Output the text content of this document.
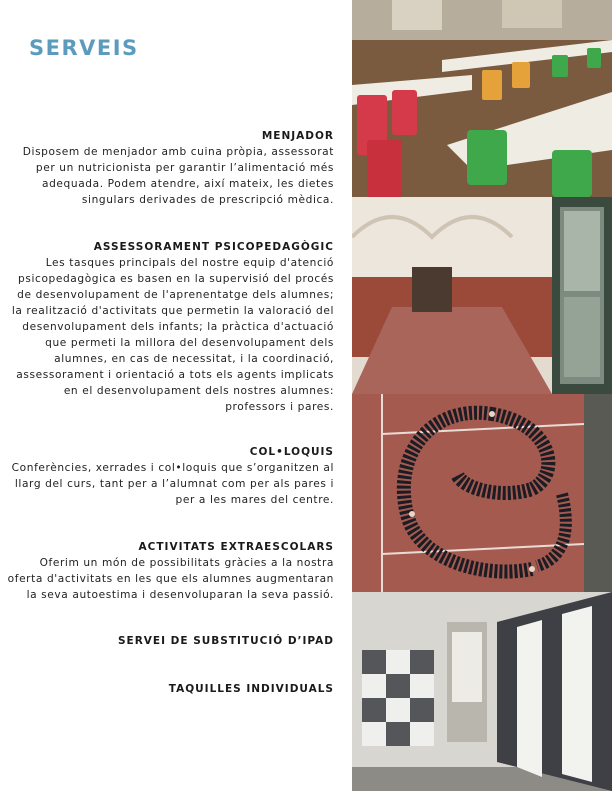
SERVEIS
MENJADOR

Disposem de menjador amb cuina pròpia, assessorat
per un nutricionista per garantir l’alimentació més
adequada. Podem atendre, així mateix, les dietes
singulars derivades de prescripció mèdica.

ASSESSORAMENT PSICOPEDAGÒGIC

Les tasques principals del nostre equip d'atenció
psicopedagògica es basen en la supervisió del procés
de desenvolupament de l'aprenentatge dels alumnes;
la realització d'activitats que permetin la valoració del
desenvolupament dels infants; la pràctica d'actuació
que permeti la millora del desenvolupament dels
alumnes, en cas de necessitat, i la coordinació,
assessorament i orientació a tots els agents implicats
en el desenvolupament dels nostres alumnes:
professors i pares.

COL•LOQUIS

Conferències, xerrades i col•loquis que s’organitzen al
llarg del curs, tant per a l’alumnat com per als pares i
per a les mares del centre.

ACTIVITATS EXTRAESCOLARS

Oferim un món de possibilitats gràcies a la nostra
oferta d'activitats en les que els alumnes augmentaran
la seva autoestima i desenvoluparan la seva passió.

SERVEI DE SUBSTITUCIÓ D’IPAD
TAQUILLES INDIVIDUALS
